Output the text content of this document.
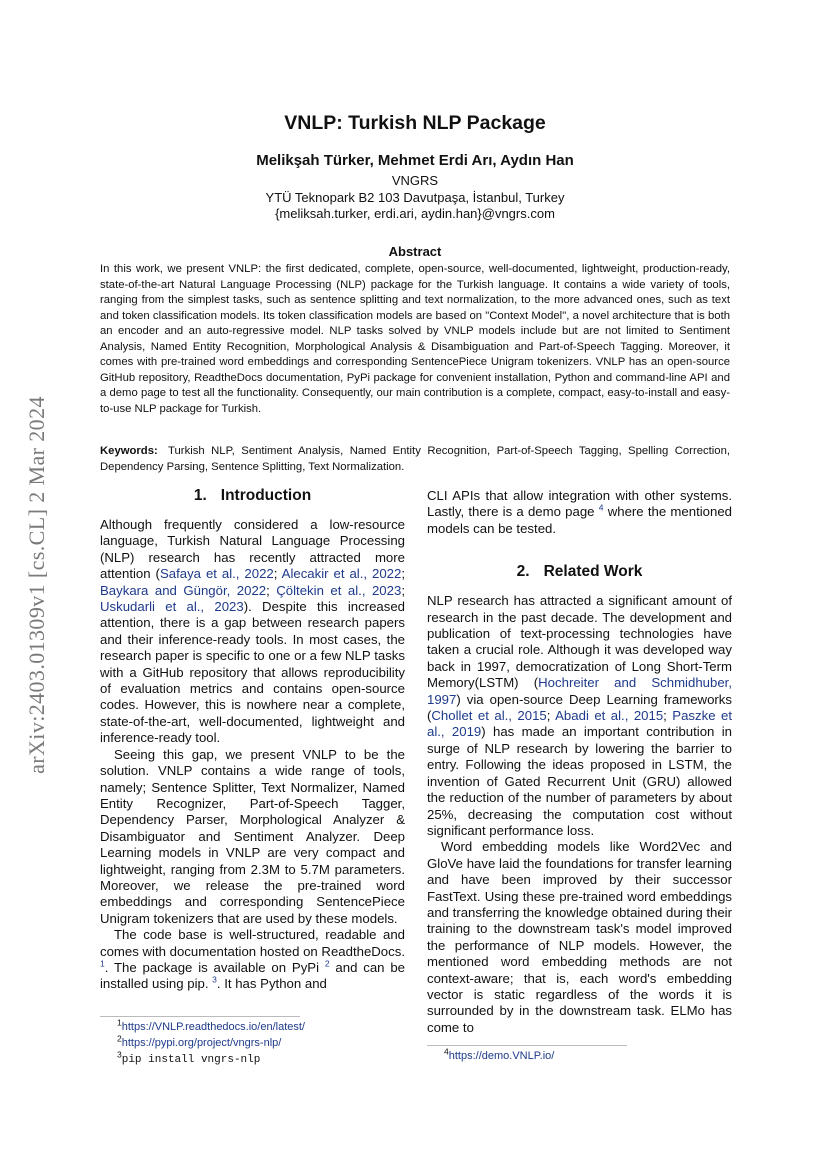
arXiv:2403.01309v1 [cs.CL] 2 Mar 2024
VNLP: Turkish NLP Package
Melikşah Türker, Mehmet Erdi Arı, Aydın Han
VNGRS
YTÜ Teknopark B2 103 Davutpaşa, İstanbul, Turkey
{meliksah.turker, erdi.ari, aydin.han}@vngrs.com
Abstract

In this work, we present VNLP: the first dedicated, complete, open-source, well-documented, lightweight, production-ready, state-of-the-art Natural Language Processing (NLP) package for the Turkish language. It contains a wide variety of tools, ranging from the simplest tasks, such as sentence splitting and text normalization, to the more advanced ones, such as text and token classification models. Its token classification models are based on "Context Model", a novel architecture that is both an encoder and an auto-regressive model. NLP tasks solved by VNLP models include but are not limited to Sentiment Analysis, Named Entity Recognition, Morphological Analysis & Disambiguation and Part-of-Speech Tagging. Moreover, it comes with pre-trained word embeddings and corresponding SentencePiece Unigram tokenizers. VNLP has an open-source GitHub repository, ReadtheDocs documentation, PyPi package for convenient installation, Python and command-line API and a demo page to test all the functionality. Consequently, our main contribution is a complete, compact, easy-to-install and easy-to-use NLP package for Turkish.

Keywords: Turkish NLP, Sentiment Analysis, Named Entity Recognition, Part-of-Speech Tagging, Spelling Correction, Dependency Parsing, Sentence Splitting, Text Normalization.

1. Introduction

Although frequently considered a low-resource language, Turkish Natural Language Processing (NLP) research has recently attracted more attention (Safaya et al., 2022; Alecakir et al., 2022; Baykara and Güngör, 2022; Çöltekin et al., 2023; Uskudarli et al., 2023). Despite this increased attention, there is a gap between research papers and their inference-ready tools. In most cases, the research paper is specific to one or a few NLP tasks with a GitHub repository that allows reproducibility of evaluation metrics and contains open-source codes. However, this is nowhere near a complete, state-of-the-art, well-documented, lightweight and inference-ready tool.

Seeing this gap, we present VNLP to be the solution. VNLP contains a wide range of tools, namely; Sentence Splitter, Text Normalizer, Named Entity Recognizer, Part-of-Speech Tagger, Dependency Parser, Morphological Analyzer & Disambiguator and Sentiment Analyzer. Deep Learning models in VNLP are very compact and lightweight, ranging from 2.3M to 5.7M parameters. Moreover, we release the pre-trained word embeddings and corresponding SentencePiece Unigram tokenizers that are used by these models.

The code base is well-structured, readable and comes with documentation hosted on ReadtheDocs. $^1$. The package is available on PyPi $^2$ and can be installed using pip. $^3$. It has Python and

CLI APIs that allow integration with other systems. Lastly, there is a demo page $^4$ where the mentioned models can be tested.

2. Related Work

NLP research has attracted a significant amount of research in the past decade. The development and publication of text-processing technologies have taken a crucial role. Although it was developed way back in 1997, democratization of Long Short-Term Memory(LSTM) (Hochreiter and Schmidhuber, 1997) via open-source Deep Learning frameworks (Chollet et al., 2015; Abadi et al., 2015; Paszke et al., 2019) has made an important contribution in surge of NLP research by lowering the barrier to entry. Following the ideas proposed in LSTM, the invention of Gated Recurrent Unit (GRU) allowed the reduction of the number of parameters by about 25%, decreasing the computation cost without significant performance loss.

Word embedding models like Word2Vec and GloVe have laid the foundations for transfer learning and have been improved by their successor FastText. Using these pre-trained word embeddings and transferring the knowledge obtained during their training to the downstream task's model improved the performance of NLP models. However, the mentioned word embedding methods are not context-aware; that is, each word's embedding vector is static regardless of the words it is surrounded by in the downstream task. ELMo has come to

$^1$https://VNLP.readthedocs.io/en/latest/
$^2$https://pypi.org/project/vngrs-nlp/
$^3$pip install vngrs-nlp
$^4$https://demo.VNLP.io/
